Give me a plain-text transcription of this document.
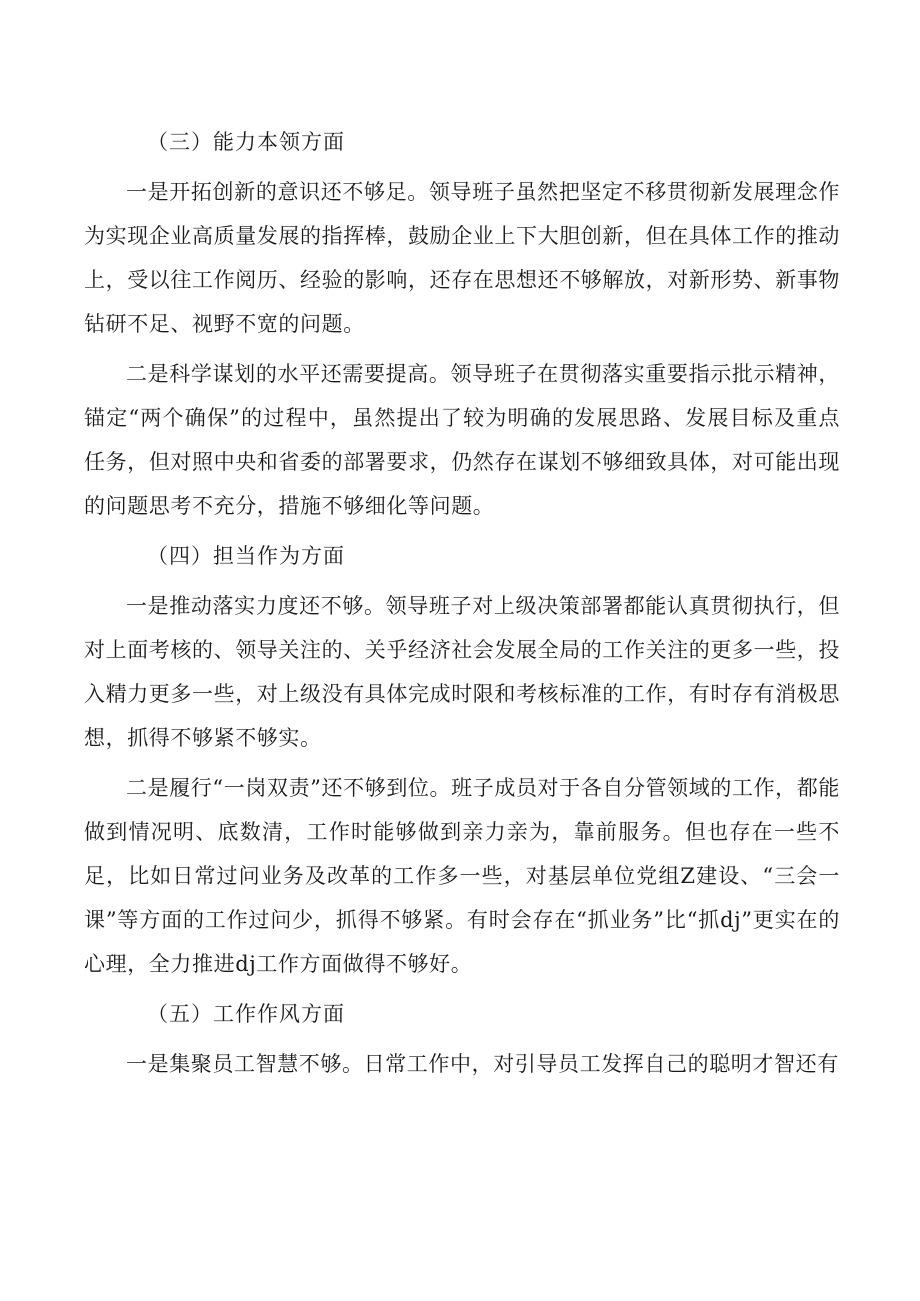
（三）能力本领方面

一是开拓创新的意识还不够足。领导班子虽然把坚定不移贯彻新发展理念作为实现企业高质量发展的指挥棒，鼓励企业上下大胆创新，但在具体工作的推动上，受以往工作阅历、经验的影响，还存在思想还不够解放，对新形势、新事物钻研不足、视野不宽的问题。

二是科学谋划的水平还需要提高。领导班子在贯彻落实重要指示批示精神，锚定“两个确保”的过程中，虽然提出了较为明确的发展思路、发展目标及重点任务，但对照中央和省委的部署要求，仍然存在谋划不够细致具体，对可能出现的问题思考不充分，措施不够细化等问题。

（四）担当作为方面

一是推动落实力度还不够。领导班子对上级决策部署都能认真贯彻执行，但对上面考核的、领导关注的、关乎经济社会发展全局的工作关注的更多一些，投入精力更多一些，对上级没有具体完成时限和考核标准的工作，有时存有消极思想，抓得不够紧不够实。

二是履行“一岗双责”还不够到位。班子成员对于各自分管领域的工作，都能做到情况明、底数清，工作时能够做到亲力亲为，靠前服务。但也存在一些不足，比如日常过问业务及改革的工作多一些，对基层单位党组Z建设、“三会一课”等方面的工作过问少，抓得不够紧。有时会存在“抓业务”比“抓dj”更实在的心理，全力推进dj工作方面做得不够好。

（五）工作作风方面

一是集聚员工智慧不够。日常工作中，对引导员工发挥自己的聪明才智还有
